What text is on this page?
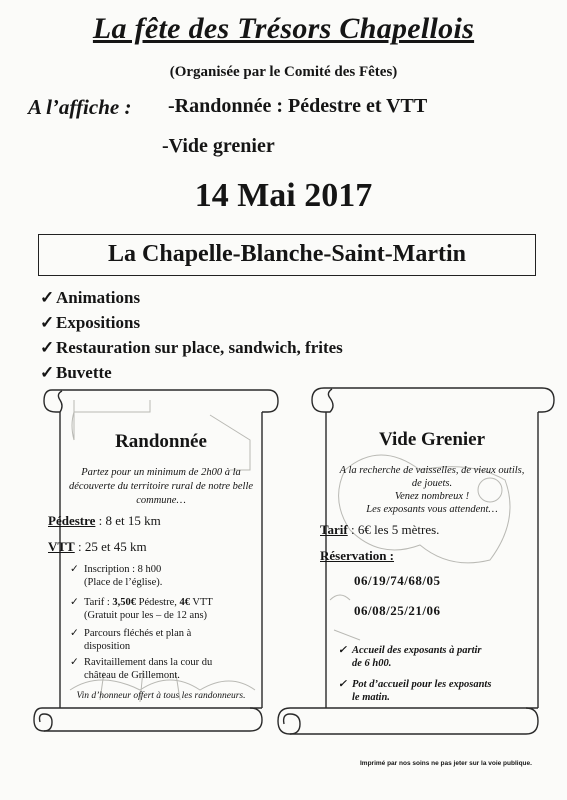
La fête des Trésors Chapellois
(Organisée par le Comité des Fêtes)
A l’affiche : -Randonnée : Pédestre et VTT
-Vide grenier
14 Mai 2017
La Chapelle-Blanche-Saint-Martin
✓ Animations
✓ Expositions
✓ Restauration sur place, sandwich, frites
✓ Buvette
Randonnée
Partez pour un minimum de 2h00 à la
découverte du territoire rural de notre belle
commune…
Pédestre : 8 et 15 km
VTT : 25 et 45 km
✓ Inscription : 8 h00
(Place de l’église).
✓ Tarif : 3,50€ Pédestre, 4€ VTT
(Gratuit pour les – de 12 ans)
✓ Parcours fléchés et plan à
disposition
✓ Ravitaillement dans la cour du
château de Grillemont.
Vin d’honneur offert à tous les randonneurs.
Vide Grenier
A la recherche de vaisselles, de vieux outils,
de jouets.
Venez nombreux !
Les exposants vous attendent…
Tarif : 6€ les 5 mètres.
Réservation :
06/19/74/68/05
06/08/25/21/06
✓ Accueil des exposants à partir
de 6 h00.
✓ Pot d’accueil pour les exposants
le matin.
Imprimé par nos soins ne pas jeter sur la voie publique.
